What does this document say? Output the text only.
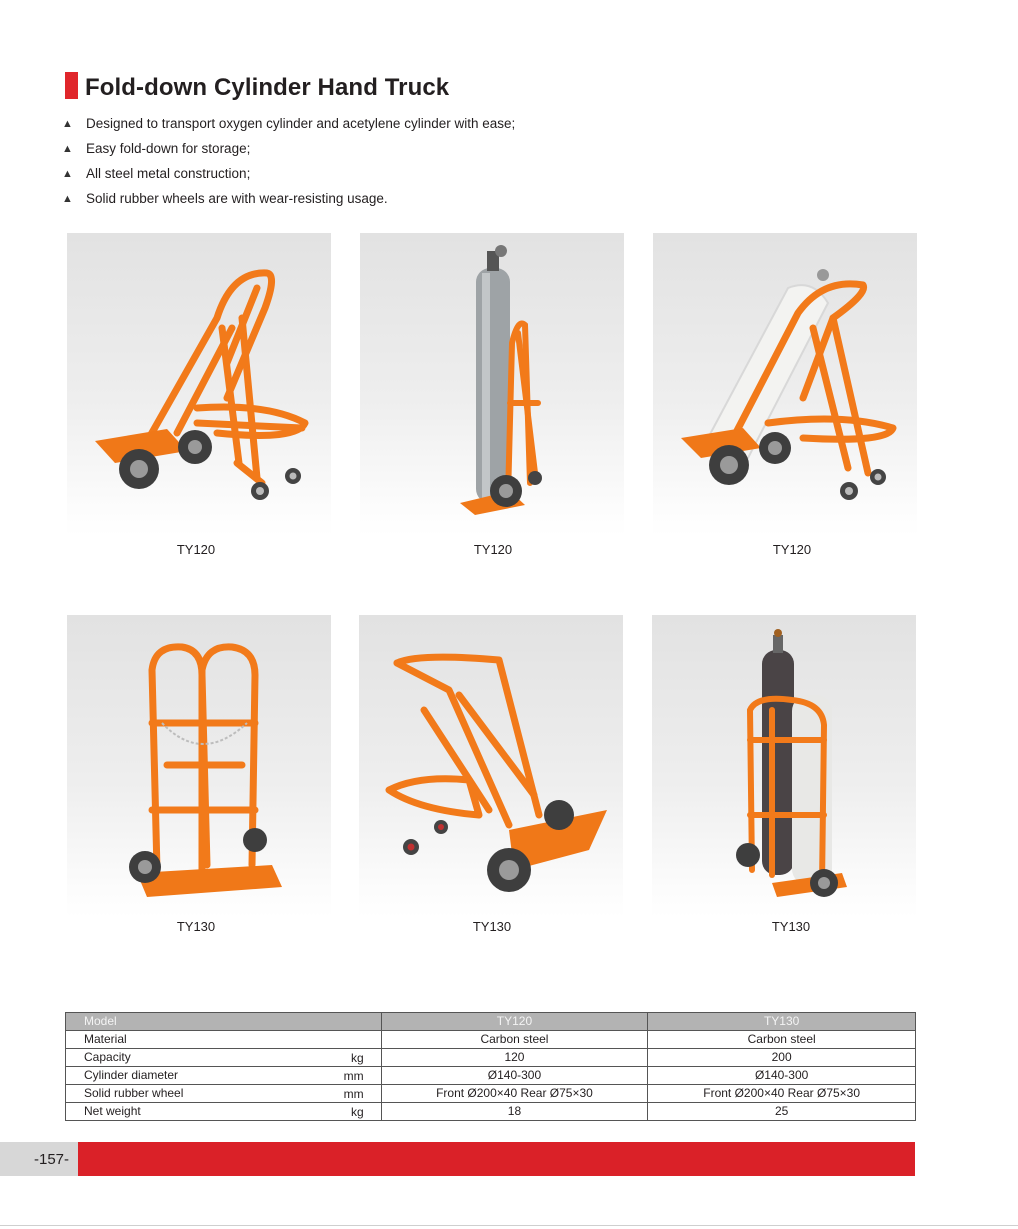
Fold-down Cylinder Hand Truck
▲ Designed to transport oxygen cylinder and acetylene cylinder with ease;
▲ Easy fold-down for storage;
▲ All steel metal construction;
▲ Solid rubber wheels are with wear-resisting usage.
TY120	TY120	TY120
TY130	TY130	TY130
Model	TY120	TY130
Material	Carbon steel	Carbon steel
Capacity kg	120	200
Cylinder diameter mm	Ø140-300	Ø140-300
Solid rubber wheel mm	Front Ø200×40 Rear Ø75×30	Front Ø200×40 Rear Ø75×30
Net weight kg	18	25
-157-
